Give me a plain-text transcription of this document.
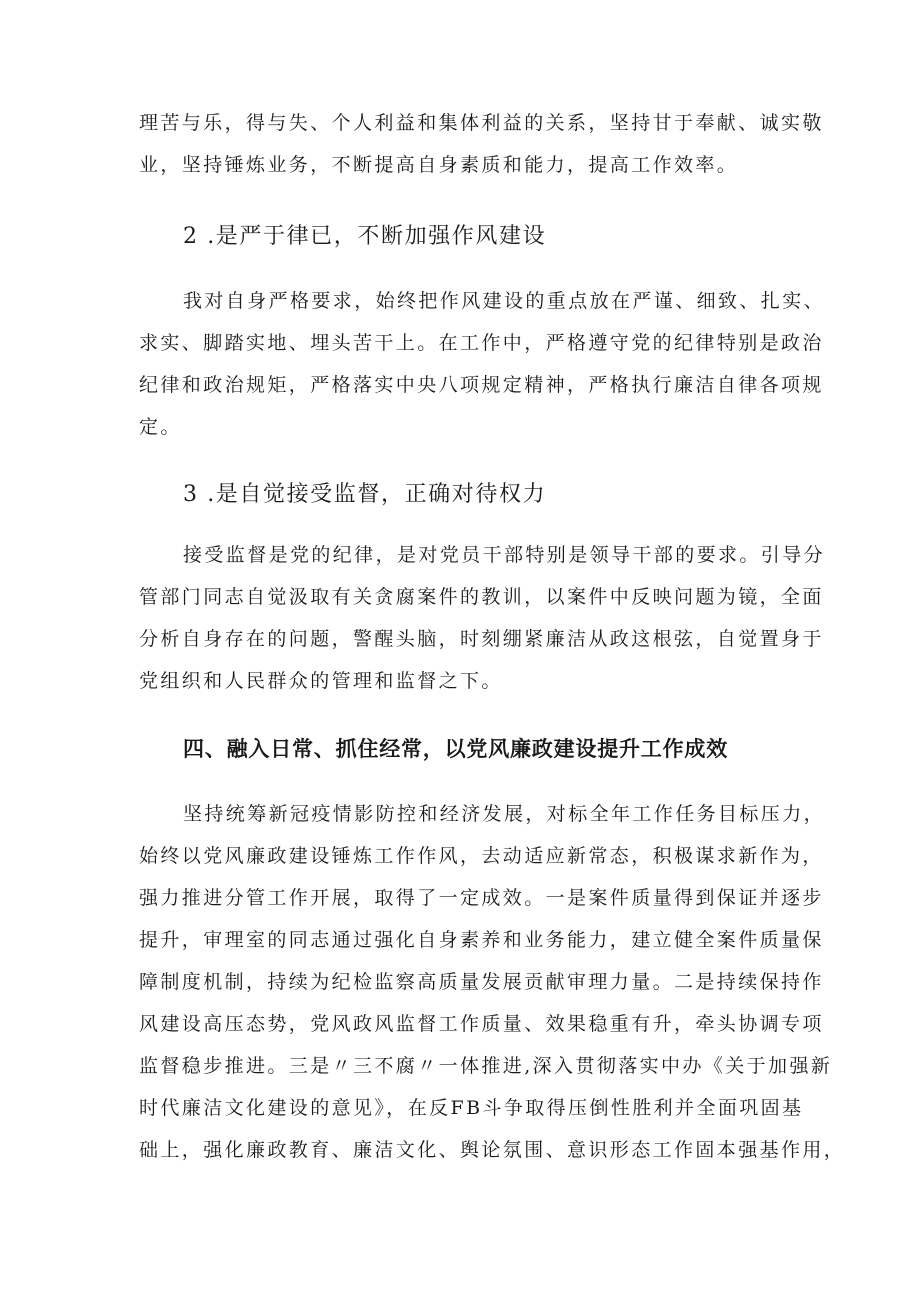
理苦与乐，得与失、个人利益和集体利益的关系，坚持甘于奉献、诚实敬
业，坚持锤炼业务，不断提高自身素质和能力，提高工作效率。
2 .是严于律已，不断加强作风建设
我对自身严格要求，始终把作风建设的重点放在严谨、细致、扎实、
求实、脚踏实地、埋头苦干上。在工作中，严格遵守党的纪律特别是政治
纪律和政治规矩，严格落实中央八项规定精神，严格执行廉洁自律各项规
定。
3 .是自觉接受监督，正确对待权力
接受监督是党的纪律，是对党员干部特别是领导干部的要求。引导分
管部门同志自觉汲取有关贪腐案件的教训，以案件中反映问题为镜，全面
分析自身存在的问题，警醒头脑，时刻绷紧廉洁从政这根弦，自觉置身于
党组织和人民群众的管理和监督之下。
四、融入日常、抓住经常，以党风廉政建设提升工作成效
坚持统筹新冠疫情影防控和经济发展，对标全年工作任务目标压力，
始终以党风廉政建设锤炼工作作风，去动适应新常态，积极谋求新作为，
强力推进分管工作开展，取得了一定成效。一是案件质量得到保证并逐步
提升，审理室的同志通过强化自身素养和业务能力，建立健全案件质量保
障制度机制，持续为纪检监察高质量发展贡献审理力量。二是持续保持作
风建设高压态势，党风政风监督工作质量、效果稳重有升，牵头协调专项
监督稳步推进。三是〃三不腐〃一体推进,深入贯彻落实中办《关于加强新
时代廉洁文化建设的意见》，在反FB斗争取得压倒性胜利并全面巩固基
础上，强化廉政教育、廉洁文化、舆论氛围、意识形态工作固本强基作用，
